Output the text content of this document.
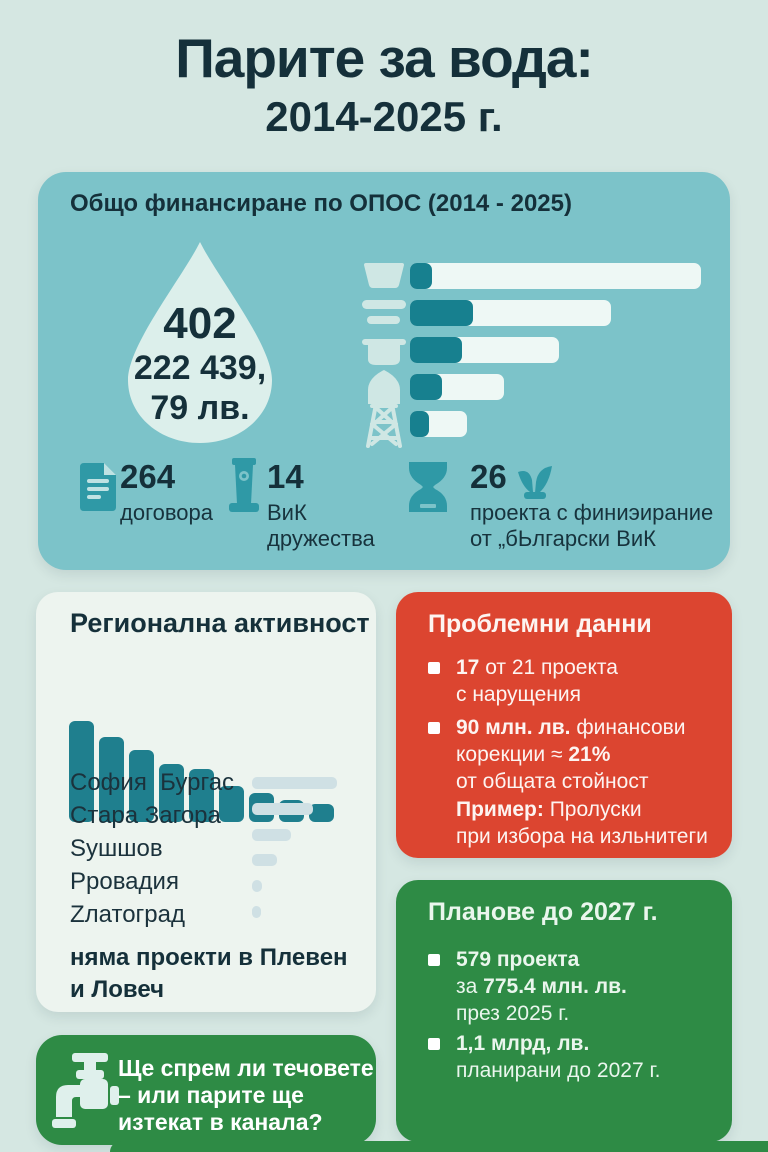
Парите за вода:
2014-2025 г.
Общо финансиране по ОПОС (2014 - 2025)
402
222 439,
79 лв.
264
договора
14
ВиК
дружества
26
проекта с финиэирание
от „бЬлгарски ВиК
Регионална активност
София  Бургас
Стара Загора
Sушшов
Рровадия
Zлатоград
няма проекти в Плевен
и Ловеч
Проблемни данни
17 от 21 проекта
с нарущения
90 млн. лв. финансови
корекции ≈ 21%
от общата стойност
Пример: Пролуски
при избора на изльнитеги
Планове до 2027 г.
579 проекта
за 775.4 млн. лв.
през 2025 г.
1,1 млрд, лв.
планирани до 2027 г.
Ще спрем ли течовете
– или парите ще
изтекат в канала?
